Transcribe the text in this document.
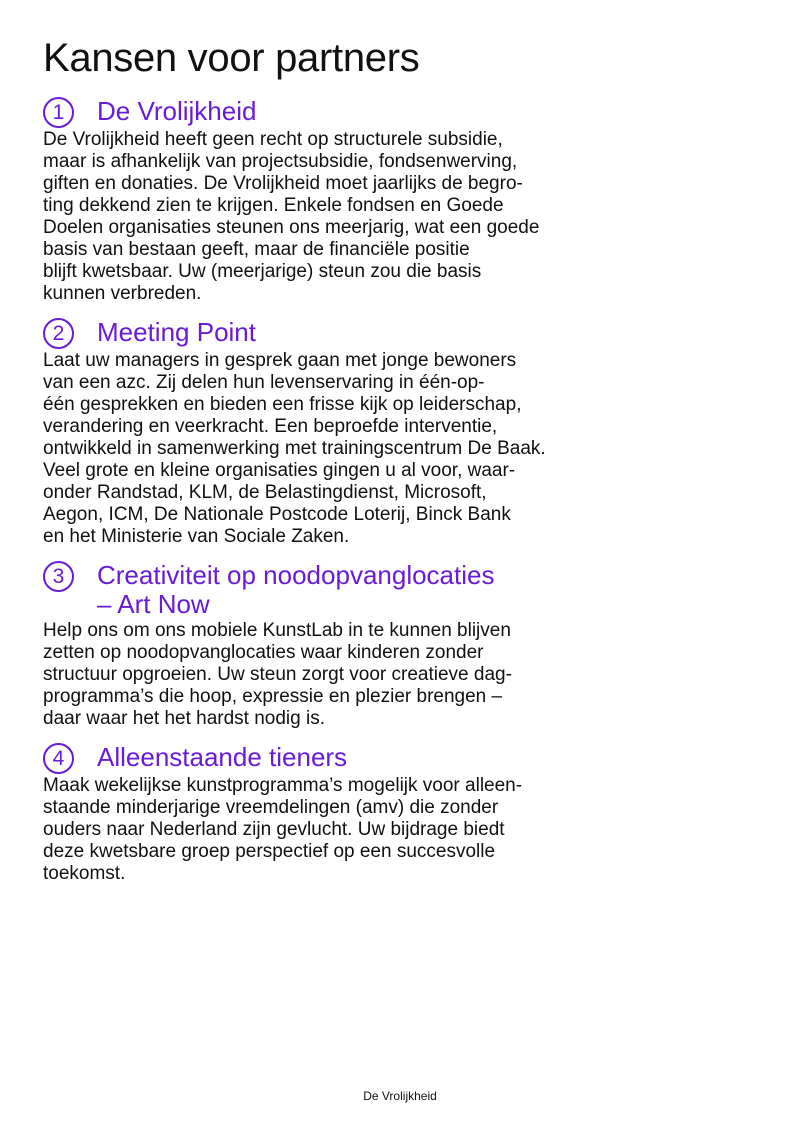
Kansen voor partners
1	De Vrolijkheid

De Vrolijkheid heeft geen recht op structurele subsidie,
maar is afhankelijk van projectsubsidie, fondsenwerving,
giften en donaties. De Vrolijkheid moet jaarlijks de begro-
ting dekkend zien te krijgen. Enkele fondsen en Goede
Doelen organisaties steunen ons meerjarig, wat een goede
basis van bestaan geeft, maar de financiële positie
blijft kwetsbaar. Uw (meerjarige) steun zou die basis
kunnen verbreden.

2	Meeting Point

Laat uw managers in gesprek gaan met jonge bewoners
van een azc. Zij delen hun levenservaring in één-op-
één gesprekken en bieden een frisse kijk op leiderschap,
verandering en veerkracht. Een beproefde interventie,
ontwikkeld in samenwerking met trainingscentrum De Baak.
Veel grote en kleine organisaties gingen u al voor, waar-
onder Randstad, KLM, de Belastingdienst, Microsoft,
Aegon, ICM, De Nationale Postcode Loterij, Binck Bank
en het Ministerie van Sociale Zaken.

3	Creativiteit op noodopvanglocaties
– Art Now

Help ons om ons mobiele KunstLab in te kunnen blijven
zetten op noodopvanglocaties waar kinderen zonder
structuur opgroeien. Uw steun zorgt voor creatieve dag-
programma’s die hoop, expressie en plezier brengen –
daar waar het het hardst nodig is.

4	Alleenstaande tieners

Maak wekelijkse kunstprogramma’s mogelijk voor alleen-
staande minderjarige vreemdelingen (amv) die zonder
ouders naar Nederland zijn gevlucht. Uw bijdrage biedt
deze kwetsbare groep perspectief op een succesvolle
toekomst.

De Vrolijkheid
